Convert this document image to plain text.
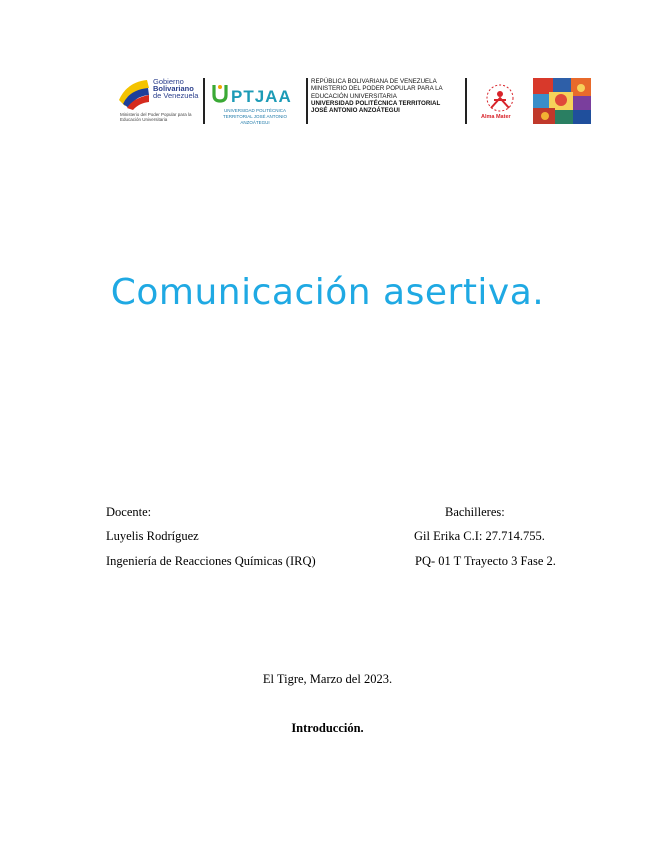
Gobierno
Bolivariano
de Venezuela
Ministerio del Poder Popular para la Educación Universitaria
PTJAA
UNIVERSIDAD POLITÉCNICA TERRITORIAL JOSÉ ANTONIO ANZOÁTEGUI
REPÚBLICA BOLIVARIANA DE VENEZUELA
MINISTERIO DEL PODER POPULAR PARA LA
EDUCACIÓN UNIVERSITARIA
UNIVERSIDAD POLITÉCNICA TERRITORIAL
JOSÉ ANTONIO ANZOÁTEGUI
Alma Mater
Comunicación asertiva.
Docente:
Luyelis Rodríguez
Ingeniería de Reacciones Químicas (IRQ)
Bachilleres:
Gil Erika C.I: 27.714.755.
PQ- 01 T Trayecto 3 Fase 2.
El Tigre, Marzo del 2023.
Introducción.
